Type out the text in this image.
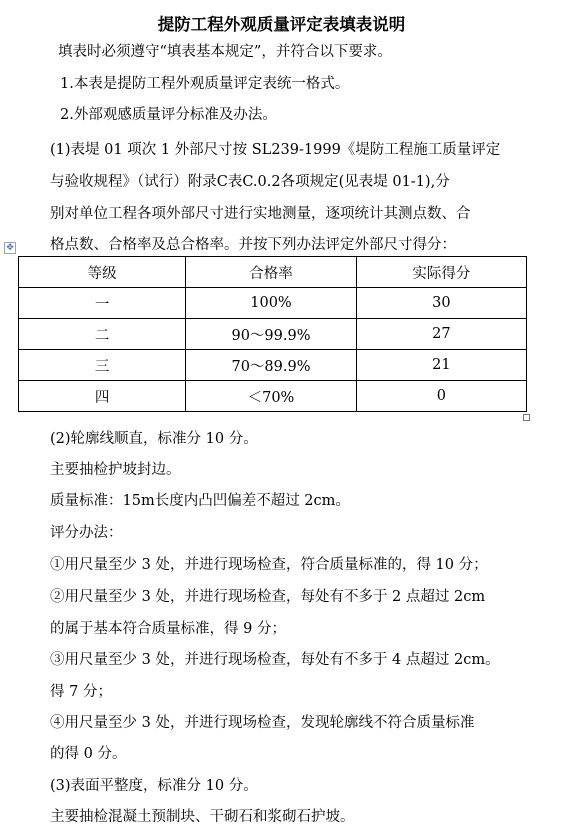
提防工程外观质量评定表填表说明
填表时必须遵守“填表基本规定”，并符合以下要求。
1.本表是提防工程外观质量评定表统一格式。
2.外部观感质量评分标准及办法。
(1)表堤 01 项次 1 外部尺寸按 SL239-1999《堤防工程施工质量评定
与验收规程》（试行）附录C表C.0.2各项规定(见表堤 01-1),分
别对单位工程各项外部尺寸进行实地测量，逐项统计其测点数、合
格点数、合格率及总合格率。并按下列办法评定外部尺寸得分：
✥
等级	合格率	实际得分
一	100%	30
二	90～99.9%	27
三	70～89.9%	21
四	＜70%	0
(2)轮廓线顺直，标准分 10 分。
主要抽检护坡封边。
质量标准：15m长度内凸凹偏差不超过 2cm。
评分办法：
①用尺量至少 3 处，并进行现场检查，符合质量标准的，得 10 分；
②用尺量至少 3 处，并进行现场检查，每处有不多于 2 点超过 2cm
的属于基本符合质量标准，得 9 分；
③用尺量至少 3 处，并进行现场检查，每处有不多于 4 点超过 2cm。
得 7 分；
④用尺量至少 3 处，并进行现场检查，发现轮廓线不符合质量标准
的得 0 分。
(3)表面平整度，标准分 10 分。
主要抽检混凝土预制块、干砌石和浆砌石护坡。
